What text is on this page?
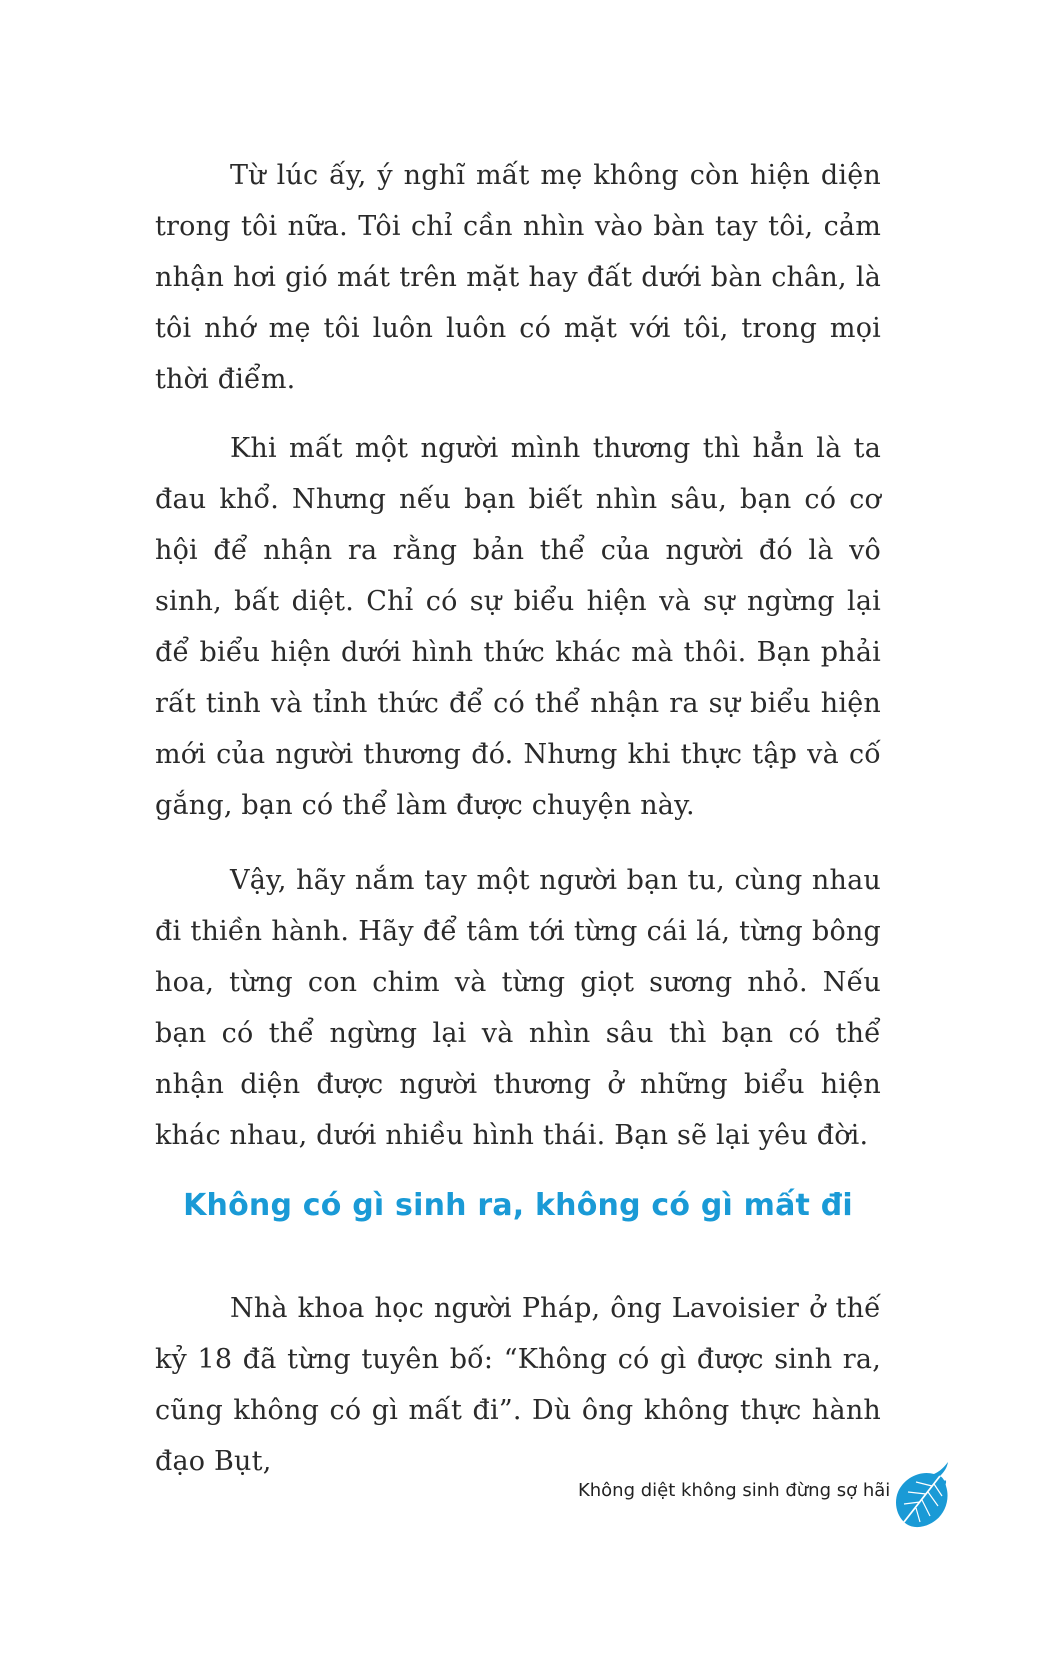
Từ lúc ấy, ý nghĩ mất mẹ không còn hiện diện trong tôi nữa. Tôi chỉ cần nhìn vào bàn tay tôi, cảm nhận hơi gió mát trên mặt hay đất dưới bàn chân, là tôi nhớ mẹ tôi luôn luôn có mặt với tôi, trong mọi thời điểm.

Khi mất một người mình thương thì hẳn là ta đau khổ. Nhưng nếu bạn biết nhìn sâu, bạn có cơ hội để nhận ra rằng bản thể của người đó là vô sinh, bất diệt. Chỉ có sự biểu hiện và sự ngừng lại để biểu hiện dưới hình thức khác mà thôi. Bạn phải rất tinh và tỉnh thức để có thể nhận ra sự biểu hiện mới của người thương đó. Nhưng khi thực tập và cố gắng, bạn có thể làm được chuyện này.

Vậy, hãy nắm tay một người bạn tu, cùng nhau đi thiền hành. Hãy để tâm tới từng cái lá, từng bông hoa, từng con chim và từng giọt sương nhỏ. Nếu bạn có thể ngừng lại và nhìn sâu thì bạn có thể nhận diện được người thương ở những biểu hiện khác nhau, dưới nhiều hình thái. Bạn sẽ lại yêu đời.

Không có gì sinh ra, không có gì mất đi

Nhà khoa học người Pháp, ông Lavoisier ở thế kỷ 18 đã từng tuyên bố: “Không có gì được sinh ra, cũng không có gì mất đi”. Dù ông không thực hành đạo Bụt,

Không diệt không sinh đừng sợ hãi
